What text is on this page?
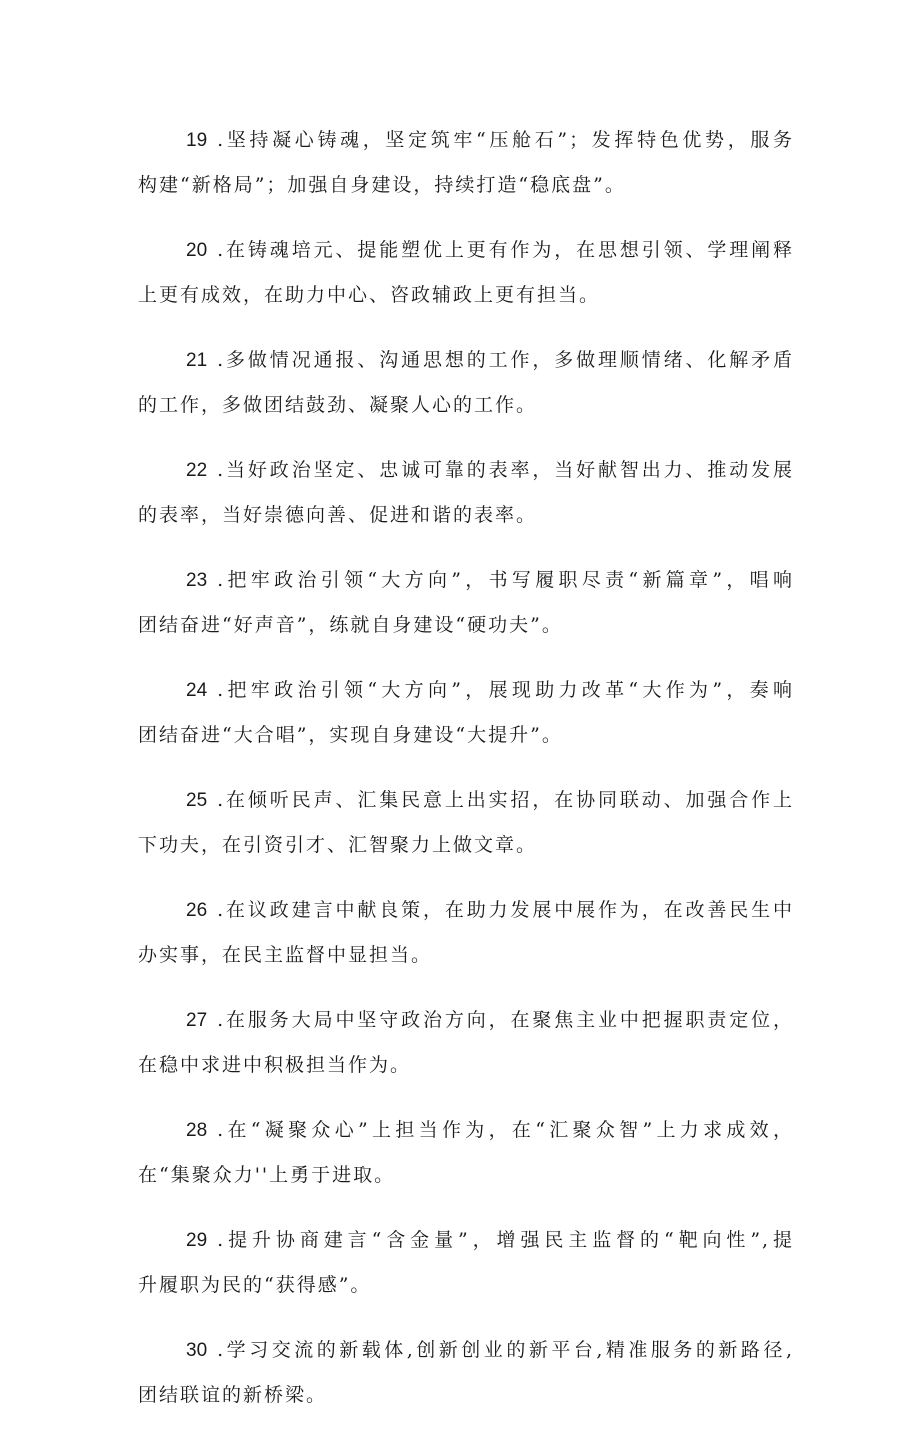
19 .坚持凝心铸魂，坚定筑牢“压舱石”；发挥特色优势，服务
构建“新格局”；加强自身建设，持续打造“稳底盘”。
20 .在铸魂培元、提能塑优上更有作为，在思想引领、学理阐释
上更有成效，在助力中心、咨政辅政上更有担当。
21 .多做情况通报、沟通思想的工作，多做理顺情绪、化解矛盾
的工作，多做团结鼓劲、凝聚人心的工作。
22 .当好政治坚定、忠诚可靠的表率，当好献智出力、推动发展
的表率，当好崇德向善、促进和谐的表率。
23 .把牢政治引领“大方向”，书写履职尽责“新篇章”，唱响
团结奋进“好声音”，练就自身建设“硬功夫”。
24 .把牢政治引领“大方向”，展现助力改革“大作为”，奏响
团结奋进“大合唱”，实现自身建设“大提升”。
25 .在倾听民声、汇集民意上出实招，在协同联动、加强合作上
下功夫，在引资引才、汇智聚力上做文章。
26 .在议政建言中献良策，在助力发展中展作为，在改善民生中
办实事，在民主监督中显担当。
27 .在服务大局中坚守政治方向，在聚焦主业中把握职责定位，
在稳中求进中积极担当作为。
28 .在“凝聚众心”上担当作为，在“汇聚众智”上力求成效，
在“集聚众力''上勇于进取。
29 .提升协商建言“含金量”，增强民主监督的“靶向性”,提
升履职为民的“获得感”。
30 .学习交流的新载体,创新创业的新平台,精准服务的新路径,
团结联谊的新桥梁。
